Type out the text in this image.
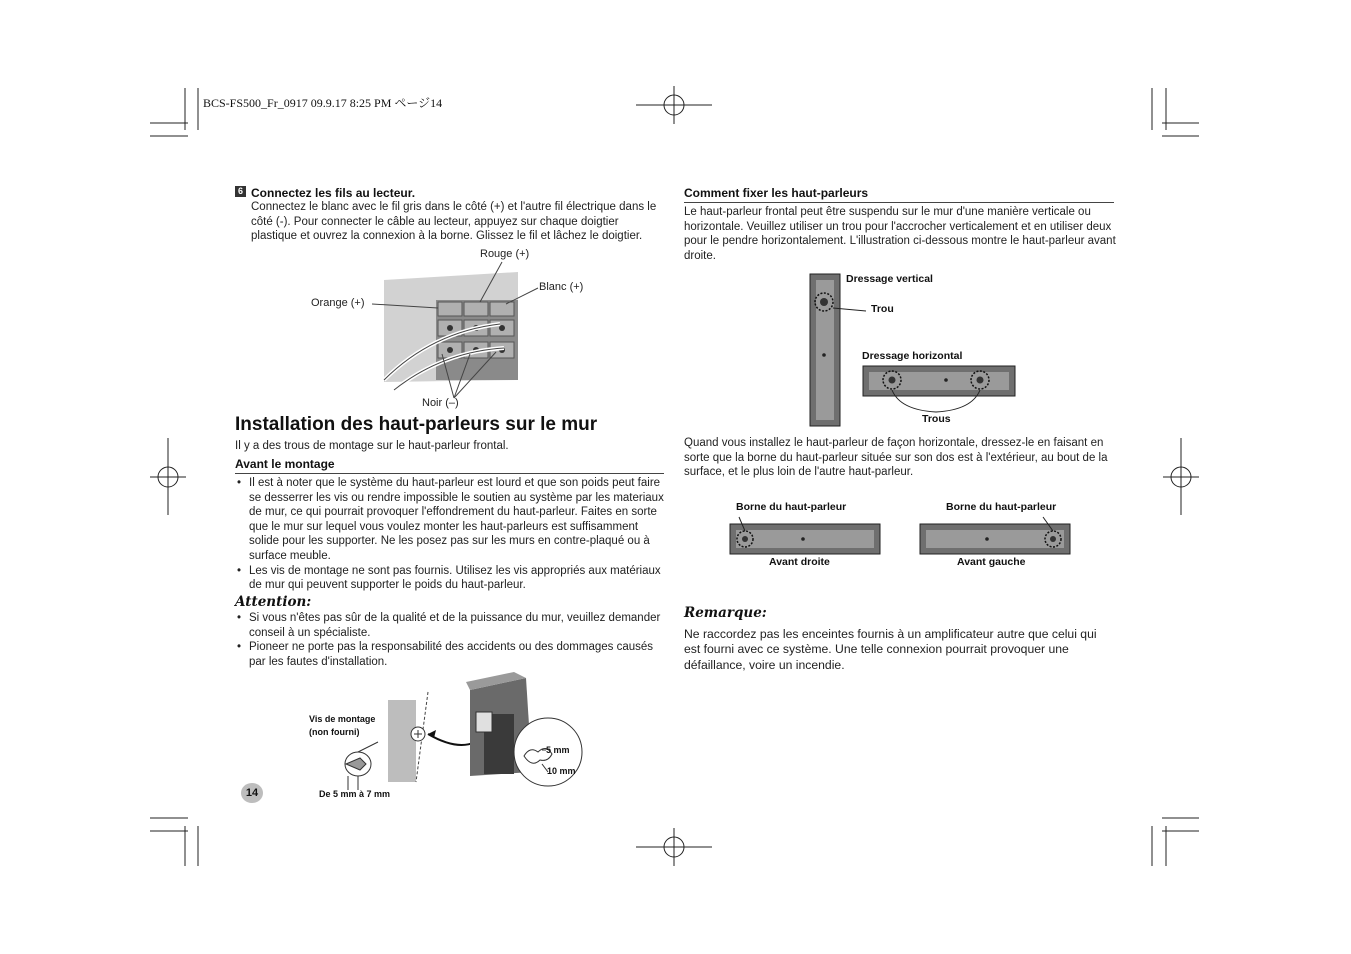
BCS-FS500_Fr_0917 09.9.17 8:25 PM ページ14
6 Connectez les fils au lecteur.

Connectez le blanc avec le fil gris dans le côté (+) et l'autre fil électrique dans le côté (-). Pour connecter le câble au lecteur, appuyez sur chaque doigtier plastique et ouvrez la connexion à la borne. Glissez le fil et lâchez le doigtier.

Rouge (+)
Blanc (+)
Orange (+)
Noir (–)
Installation des haut-parleurs sur le mur

Il y a des trous de montage sur le haut-parleur frontal.

Avant le montage
• Il est à noter que le système du haut-parleur est lourd et que son poids peut faire se desserrer les vis ou rendre impossible le soutien au système par les materiaux de mur, ce qui pourrait provoquer l'effondrement du haut-parleur. Faites en sorte que le mur sur lequel vous voulez monter les haut-parleurs est suffisamment solide pour les supporter. Ne les posez pas sur les murs en contre-plaqué ou à surface meuble.
• Les vis de montage ne sont pas fournis. Utilisez les vis appropriés aux matériaux de mur qui peuvent supporter le poids du haut-parleur.
Attention:
• Si vous n'êtes pas sûr de la qualité et de la puissance du mur, veuillez demander conseil à un spécialiste.
• Pioneer ne porte pas la responsabilité des accidents ou des dommages causés par les fautes d'installation.
Vis de montage
(non fourni)
5 mm
10 mm
De 5 mm à 7 mm
14
Comment fixer les haut-parleurs

Le haut-parleur frontal peut être suspendu sur le mur d'une manière verticale ou horizontale. Veuillez utiliser un trou pour l'accrocher verticalement et en utiliser deux pour le pendre horizontalement. L'illustration ci-dessous montre le haut-parleur avant droite.

Dressage vertical
Trou
Dressage horizontal
Trous

Quand vous installez le haut-parleur de façon horizontale, dressez-le en faisant en sorte que la borne du haut-parleur située sur son dos est à l'extérieur, au bout de la surface, et le plus loin de l'autre haut-parleur.

Borne du haut-parleur	Borne du haut-parleur
Avant droite	Avant gauche
Remarque:

Ne raccordez pas les enceintes fournis à un amplificateur autre que celui qui est fourni avec ce système. Une telle connexion pourrait provoquer une défaillance, voire un incendie.
